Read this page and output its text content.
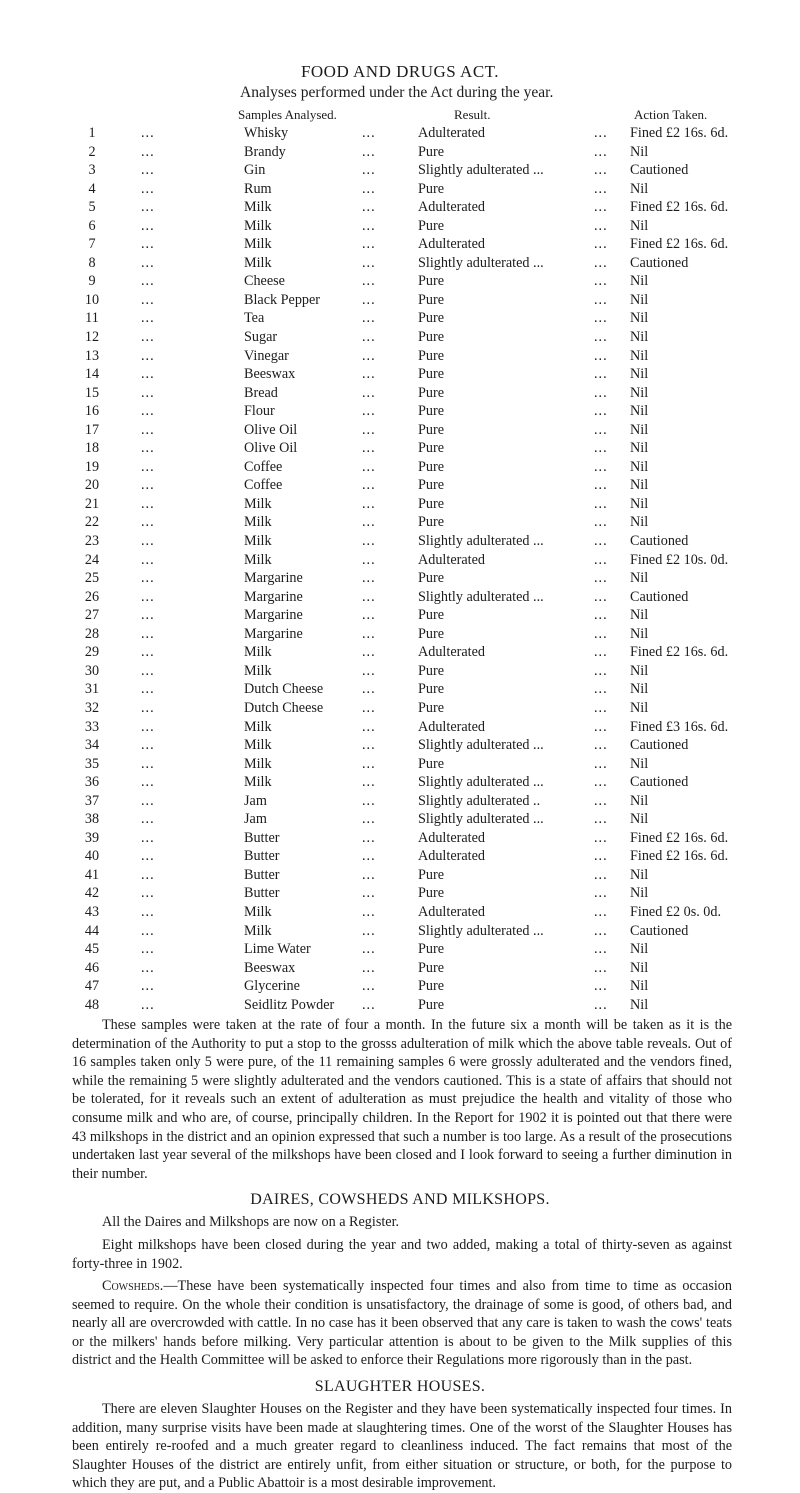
FOOD AND DRUGS ACT.
Analyses performed under the Act during the year.
Samples Analysed.	Result.	Action Taken.
1	...	Whisky	...	Adulterated	... Fined £2 16s. 6d.
2	...	Brandy	...	Pure	... Nil
3	...	Gin	...	Slightly adulterated ...	... Cautioned
4	...	Rum	...	Pure	... Nil
5	...	Milk	...	Adulterated	... Fined £2 16s. 6d.
6	...	Milk	...	Pure	... Nil
7	...	Milk	...	Adulterated	... Fined £2 16s. 6d.
8	...	Milk	...	Slightly adulterated ...	... Cautioned
9	...	Cheese	...	Pure	... Nil
10	...	Black Pepper	...	Pure	... Nil
11	...	Tea	...	Pure	... Nil
12	...	Sugar	...	Pure	... Nil
13	...	Vinegar	...	Pure	... Nil
14	...	Beeswax	...	Pure	... Nil
15	...	Bread	...	Pure	... Nil
16	...	Flour	...	Pure	... Nil
17	...	Olive Oil	...	Pure	... Nil
18	...	Olive Oil	...	Pure	... Nil
19	...	Coffee	...	Pure	... Nil
20	...	Coffee	...	Pure	... Nil
21	...	Milk	...	Pure	... Nil
22	...	Milk	...	Pure	... Nil
23	...	Milk	...	Slightly adulterated ...	... Cautioned
24	...	Milk	...	Adulterated	... Fined £2 10s. 0d.
25	...	Margarine	...	Pure	... Nil
26	...	Margarine	...	Slightly adulterated ...	... Cautioned
27	...	Margarine	...	Pure	... Nil
28	...	Margarine	...	Pure	... Nil
29	...	Milk	...	Adulterated	... Fined £2 16s. 6d.
30	...	Milk	...	Pure	... Nil
31	...	Dutch Cheese	...	Pure	... Nil
32	...	Dutch Cheese	...	Pure	... Nil
33	...	Milk	...	Adulterated	... Fined £3 16s. 6d.
34	...	Milk	...	Slightly adulterated ...	... Cautioned
35	...	Milk	...	Pure	... Nil
36	...	Milk	...	Slightly adulterated ...	... Cautioned
37	...	Jam	...	Slightly adulterated ..	... Nil
38	...	Jam	...	Slightly adulterated ...	... Nil
39	...	Butter	...	Adulterated	... Fined £2 16s. 6d.
40	...	Butter	...	Adulterated	... Fined £2 16s. 6d.
41	...	Butter	...	Pure	... Nil
42	...	Butter	...	Pure	... Nil
43	...	Milk	...	Adulterated	... Fined £2 0s. 0d.
44	...	Milk	...	Slightly adulterated ...	... Cautioned
45	...	Lime Water	...	Pure	... Nil
46	...	Beeswax	...	Pure	... Nil
47	...	Glycerine	...	Pure	... Nil
48	...	Seidlitz Powder ...	Pure	... Nil

These samples were taken at the rate of four a month. In the future six a month will be taken as it is the determination of the Authority to put a stop to the grosss adulteration of milk which the above table reveals. Out of 16 samples taken only 5 were pure, of the 11 remaining samples 6 were grossly adulterated and the vendors fined, while the remaining 5 were slightly adulterated and the vendors cautioned. This is a state of affairs that should not be tolerated, for it reveals such an extent of adulteration as must prejudice the health and vitality of those who consume milk and who are, of course, principally children. In the Report for 1902 it is pointed out that there were 43 milkshops in the district and an opinion expressed that such a number is too large. As a result of the prosecutions undertaken last year several of the milkshops have been closed and I look forward to seeing a further diminution in their number.

DAIRES, COWSHEDS AND MILKSHOPS.

All the Daires and Milkshops are now on a Register.

Eight milkshops have been closed during the year and two added, making a total of thirty-seven as against forty-three in 1902.

Cowsheds.—These have been systematically inspected four times and also from time to time as occasion seemed to require. On the whole their condition is unsatisfactory, the drainage of some is good, of others bad, and nearly all are overcrowded with cattle. In no case has it been observed that any care is taken to wash the cows' teats or the milkers' hands before milking. Very particular attention is about to be given to the Milk supplies of this district and the Health Committee will be asked to enforce their Regulations more rigorously than in the past.

SLAUGHTER HOUSES.

There are eleven Slaughter Houses on the Register and they have been systematically inspected four times. In addition, many surprise visits have been made at slaughtering times. One of the worst of the Slaughter Houses has been entirely re-roofed and a much greater regard to cleanliness induced. The fact remains that most of the Slaughter Houses of the district are entirely unfit, from either situation or structure, or both, for the purpose to which they are put, and a Public Abattoir is a most desirable improvement.
